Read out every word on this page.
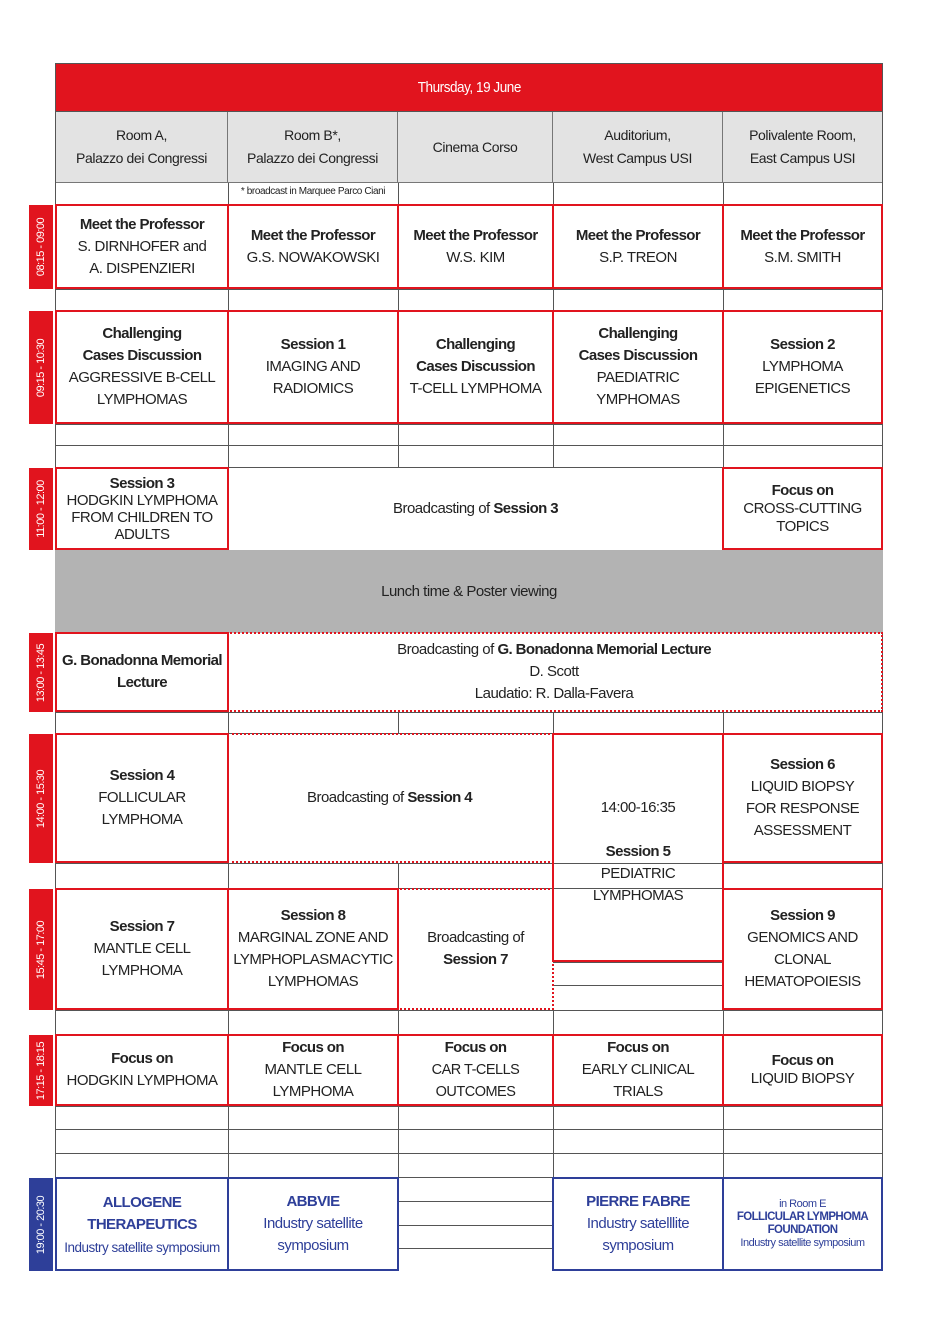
Thursday, 19 June
Room A,
Palazzo dei Congressi
Room B*,
Palazzo dei Congressi
Cinema Corso
Auditorium,
West Campus USI
Polivalente Room,
East Campus USI
* broadcast in Marquee Parco Ciani
08:15 - 09:00
09:15 - 10:30
11:00 - 12:00
13:00 - 13:45
14:00 - 15:30
15:45 - 17:00
17:15 - 18:15
19:00 - 20:30
Meet the Professor
S. DIRNHOFER and
A. DISPENZIERI
Meet the Professor
G.S. NOWAKOWSKI
Meet the Professor
W.S. KIM
Meet the Professor
S.P. TREON
Meet the Professor
S.M. SMITH
Challenging
Cases Discussion
AGGRESSIVE B-CELL
LYMPHOMAS
Session 1
IMAGING AND RADIOMICS
Challenging
Cases Discussion
T-CELL LYMPHOMA
Challenging
Cases Discussion
PAEDIATRIC YMPHOMAS
Session 2
LYMPHOMA
EPIGENETICS
Session 3
HODGKIN LYMPHOMA
FROM CHILDREN TO
ADULTS
Broadcasting of Session 3
Focus on
CROSS-CUTTING
TOPICS
Lunch time & Poster viewing
G. Bonadonna Memorial
Lecture
Broadcasting of G. Bonadonna Memorial Lecture
D. Scott
Laudatio: R. Dalla-Favera
Session 4
FOLLICULAR LYMPHOMA
Broadcasting of Session 4
14:00-16:35
Session 5
PEDIATRIC LYMPHOMAS
Session 6
LIQUID BIOPSY
FOR RESPONSE
ASSESSMENT
Session 7
MANTLE CELL LYMPHOMA
Session 8
MARGINAL ZONE AND
LYMPHOPLASMACYTIC
LYMPHOMAS
Broadcasting of
Session 7
Session 9
GENOMICS AND CLONAL
HEMATOPOIESIS
Focus on
HODGKIN LYMPHOMA
Focus on
MANTLE CELL LYMPHOMA
Focus on
CAR T-CELLS OUTCOMES
Focus on
EARLY CLINICAL TRIALS
Focus on
LIQUID BIOPSY
ALLOGENE
THERAPEUTICS
Industry satellite symposium
ABBVIE
Industry satellite
symposium
PIERRE FABRE
Industry satelllite
symposium
in Room E
FOLLICULAR LYMPHOMA
FOUNDATION
Industry satellite symposium
